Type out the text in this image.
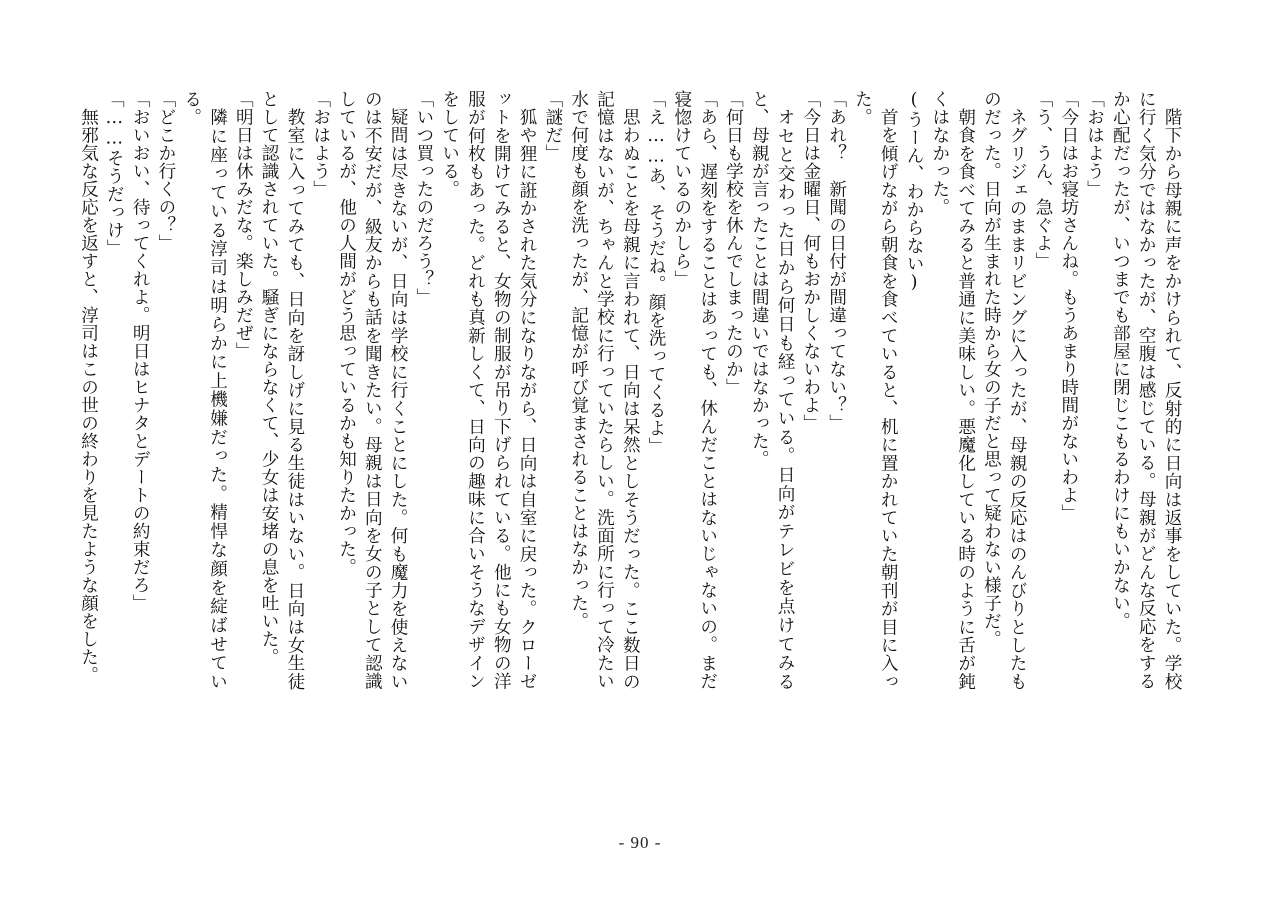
階下から母親に声をかけられて、反射的に日向は返事をしていた。学校に行く気分ではなかったが、空腹は感じている。母親がどんな反応をするか心配だったが、いつまでも部屋に閉じこもるわけにもいかない。

「おはよう」

「今日はお寝坊さんね。もうあまり時間がないわよ」

「う、うん、急ぐよ」

ネグリジェのままリビングに入ったが、母親の反応はのんびりとしたものだった。日向が生まれた時から女の子だと思って疑わない様子だ。

朝食を食べてみると普通に美味しい。悪魔化している時のように舌が鈍くはなかった。

(うーん、わからない)

首を傾げながら朝食を食べていると、机に置かれていた朝刊が目に入った。

「あれ？　新聞の日付が間違ってない？」

「今日は金曜日、何もおかしくないわよ」

オセと交わった日から何日も経っている。日向がテレビを点けてみると、母親が言ったことは間違いではなかった。

「何日も学校を休んでしまったのか」

「あら、遅刻をすることはあっても、休んだことはないじゃないの。まだ寝惚けているのかしら」

「え……あ、そうだね。顔を洗ってくるよ」

思わぬことを母親に言われて、日向は呆然としそうだった。ここ数日の記憶はないが、ちゃんと学校に行っていたらしい。洗面所に行って冷たい水で何度も顔を洗ったが、記憶が呼び覚まされることはなかった。

「謎だ」

狐や狸に誑かされた気分になりながら、日向は自室に戻った。クローゼットを開けてみると、女物の制服が吊り下げられている。他にも女物の洋服が何枚もあった。どれも真新しくて、日向の趣味に合いそうなデザインをしている。

「いつ買ったのだろう？」

疑問は尽きないが、日向は学校に行くことにした。何も魔力を使えないのは不安だが、級友からも話を聞きたい。母親は日向を女の子として認識しているが、他の人間がどう思っているかも知りたかった。

「おはよう」

教室に入ってみても、日向を訝しげに見る生徒はいない。日向は女生徒として認識されていた。騒ぎにならなくて、少女は安堵の息を吐いた。

「明日は休みだな。楽しみだぜ」

隣に座っている淳司は明らかに上機嫌だった。精悍な顔を綻ばせている。

「どこか行くの？」

「おいおい、待ってくれよ。明日はヒナタとデートの約束だろ」

「……そうだっけ」

無邪気な反応を返すと、淳司はこの世の終わりを見たような顔をした。

- 90 -
